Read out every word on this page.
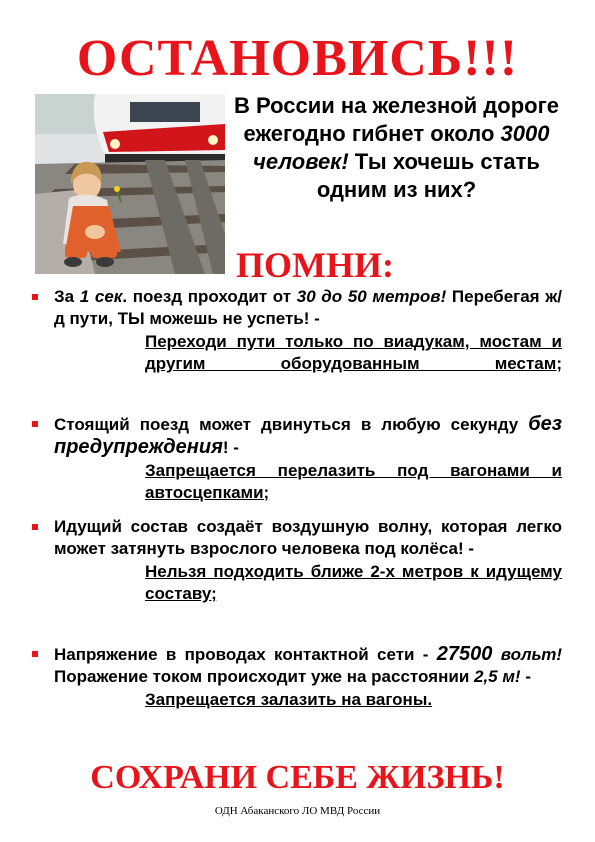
ОСТАНОВИСЬ!!!
В России на железной дороге ежегодно гибнет около 3000 человек! Ты хочешь стать одним из них?
ПОМНИ:
За 1 сек. поезд проходит от 30 до 50 метров! Перебегая ж/д пути, ТЫ можешь не успеть! -
Переходи пути только по виадукам, мостам и другим оборудованным местам;
Стоящий поезд может двинуться в любую секунду без предупреждения! -
Запрещается перелазить под вагонами и автосцепками;
Идущий состав создаёт воздушную волну, которая легко может затянуть взрослого человека под колёса! -
Нельзя подходить ближе 2-х метров к идущему составу;
Напряжение в проводах контактной сети - 27500 вольт! Поражение током происходит уже на расстоянии 2,5 м! -
Запрещается залазить на вагоны.
СОХРАНИ СЕБЕ ЖИЗНЬ!
ОДН Абаканского ЛО МВД России
